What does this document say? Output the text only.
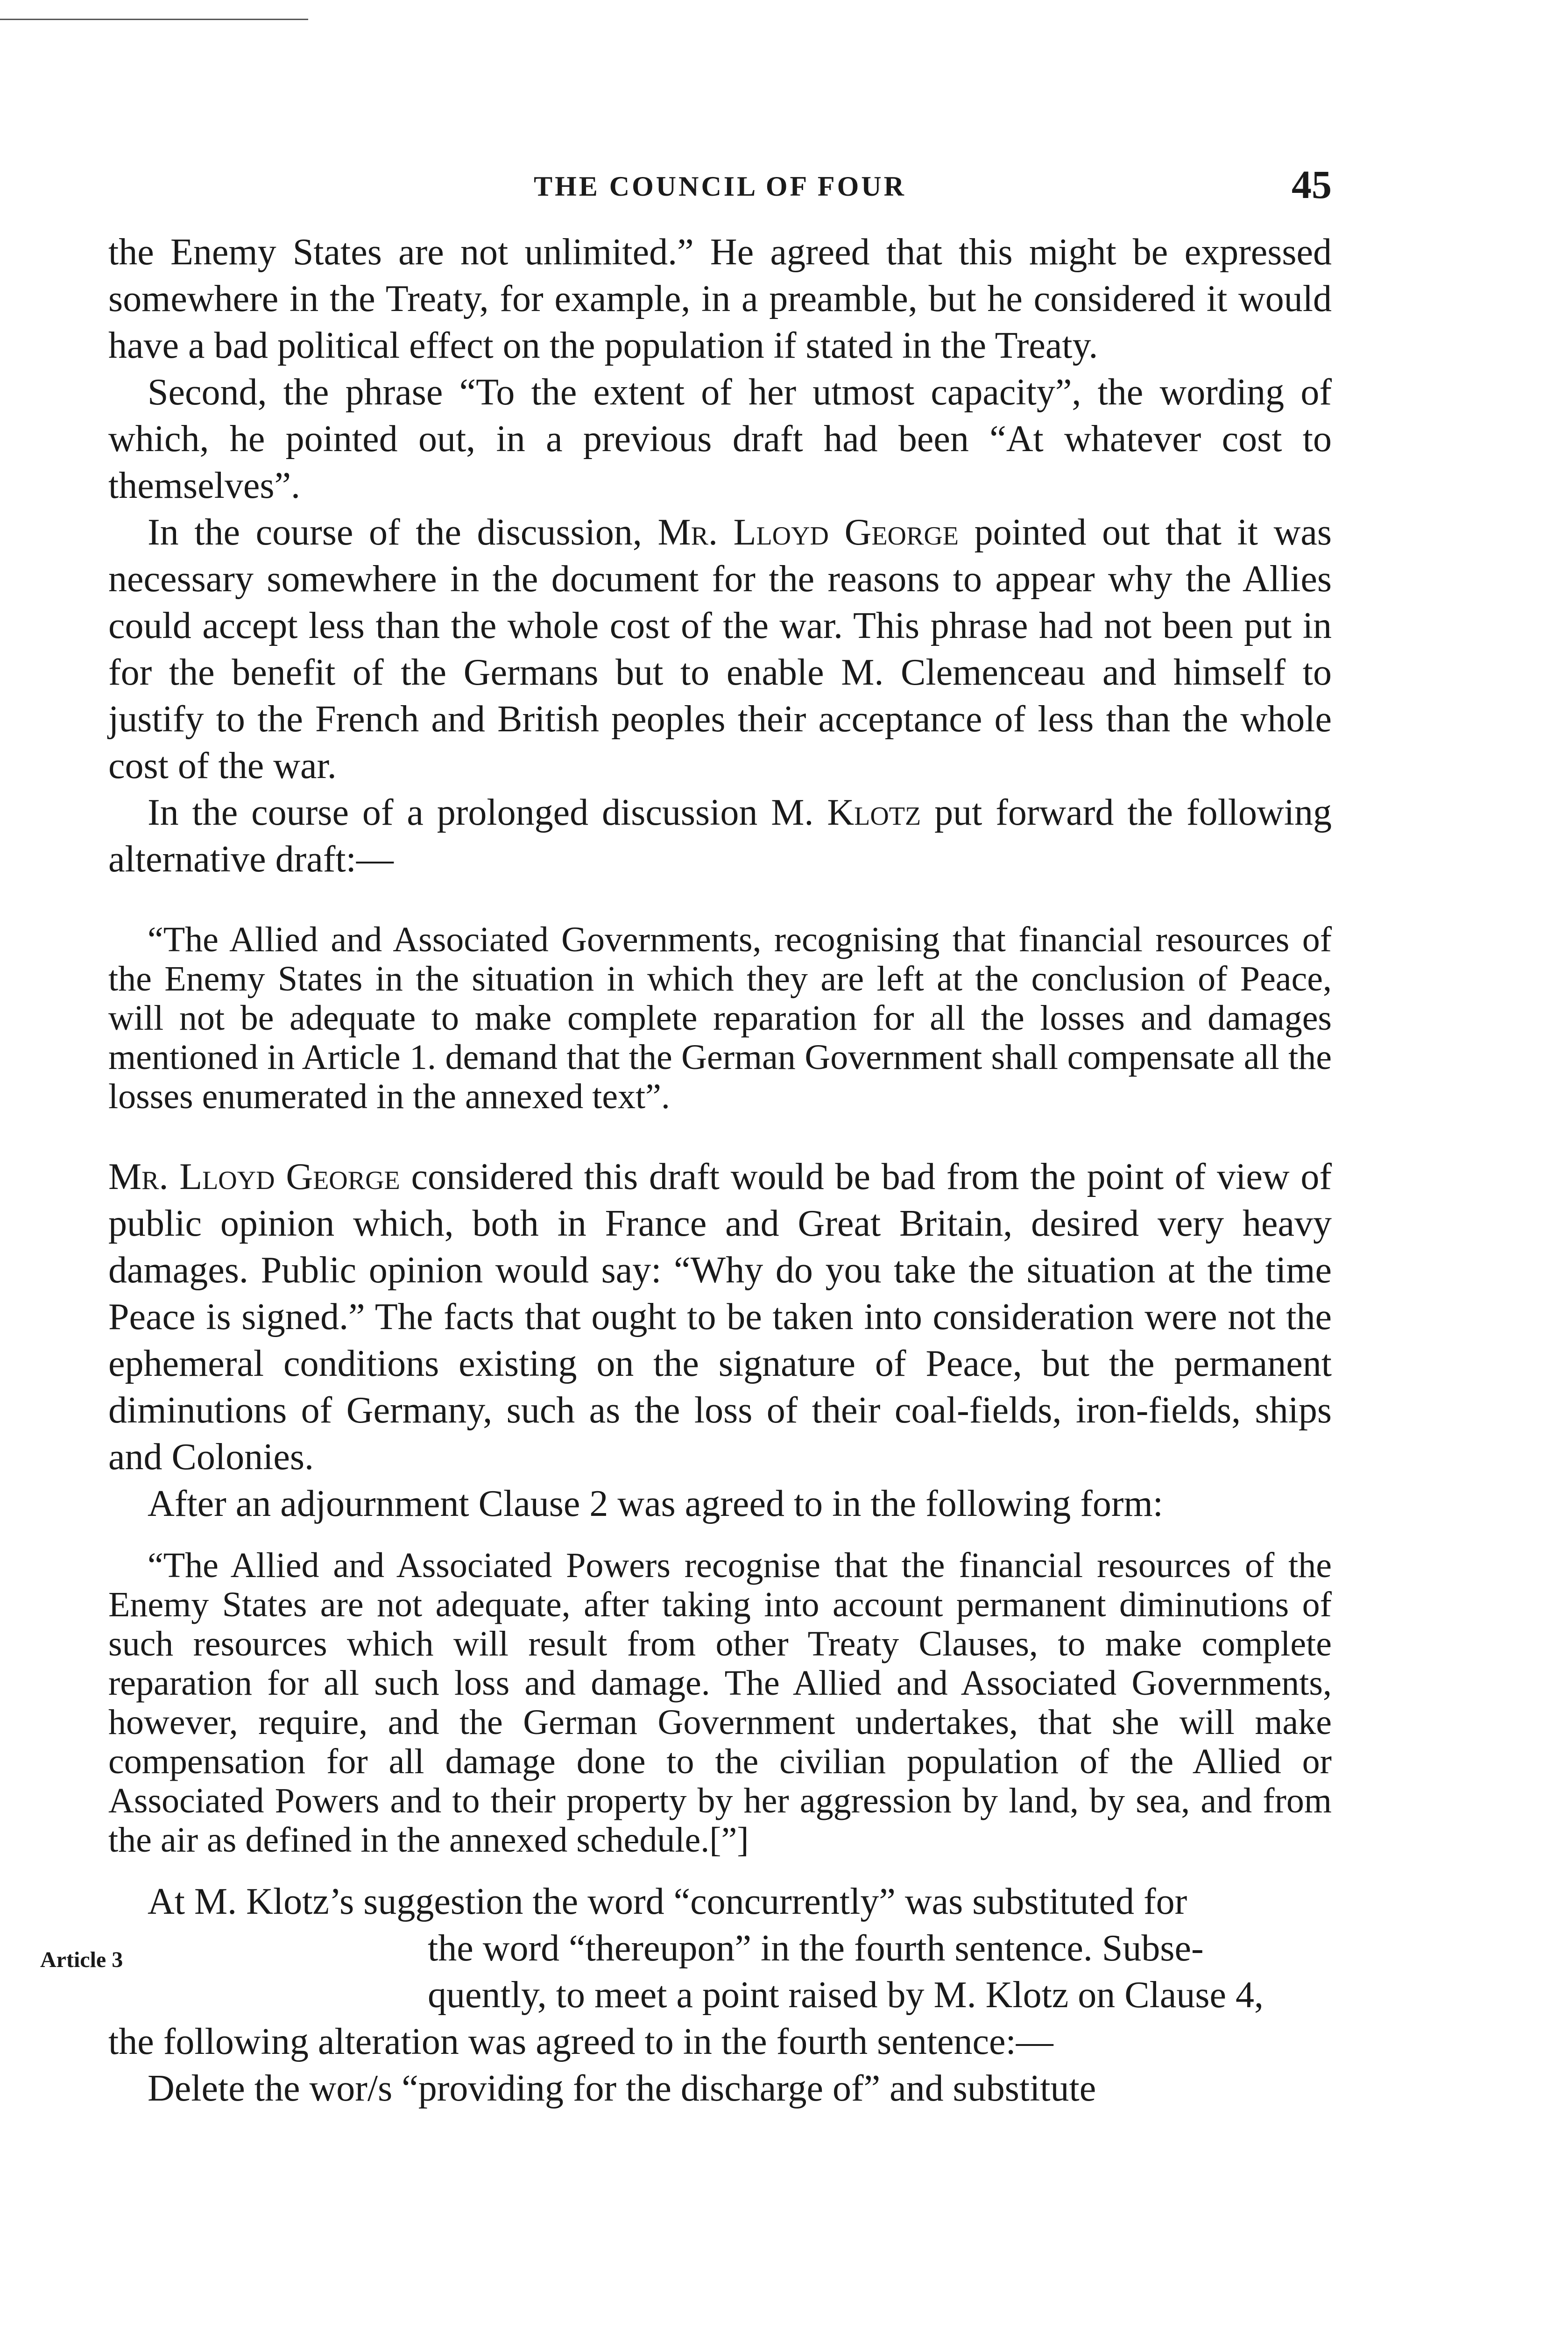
THE COUNCIL OF FOUR	45

the Enemy States are not unlimited.” He agreed that this might be expressed somewhere in the Treaty, for example, in a preamble, but he considered it would have a bad political effect on the population if stated in the Treaty.

Second, the phrase “To the extent of her utmost capacity”, the wording of which, he pointed out, in a previous draft had been “At whatever cost to themselves”.

In the course of the discussion, Mr. Lloyd George pointed out that it was necessary somewhere in the document for the reasons to appear why the Allies could accept less than the whole cost of the war. This phrase had not been put in for the benefit of the Germans but to enable M. Clemenceau and himself to justify to the French and British peoples their acceptance of less than the whole cost of the war.

In the course of a prolonged discussion M. Klotz put forward the following alternative draft:—

“The Allied and Associated Governments, recognising that financial resources of the Enemy States in the situation in which they are left at the conclusion of Peace, will not be adequate to make complete reparation for all the losses and damages mentioned in Article 1. demand that the German Government shall compensate all the losses enumerated in the annexed text”.

Mr. Lloyd George considered this draft would be bad from the point of view of public opinion which, both in France and Great Britain, desired very heavy damages. Public opinion would say: “Why do you take the situation at the time Peace is signed.” The facts that ought to be taken into consideration were not the ephemeral conditions existing on the signature of Peace, but the permanent diminutions of Germany, such as the loss of their coal-fields, iron-fields, ships and Colonies.

After an adjournment Clause 2 was agreed to in the following form:

“The Allied and Associated Powers recognise that the financial resources of the Enemy States are not adequate, after taking into account permanent diminutions of such resources which will result from other Treaty Clauses, to make complete reparation for all such loss and damage. The Allied and Associated Governments, however, require, and the German Government undertakes, that she will make compensation for all damage done to the civilian population of the Allied or Associated Powers and to their property by her aggression by land, by sea, and from the air as defined in the annexed schedule.[”]

At M. Klotz’s suggestion the word “concurrently” was substituted for
the word “thereupon” in the fourth sentence. Subse-
quently, to meet a point raised by M. Klotz on Clause 4,
the following alteration was agreed to in the fourth sentence:—
Article 3

Delete the wor/s “providing for the discharge of” and substitute
